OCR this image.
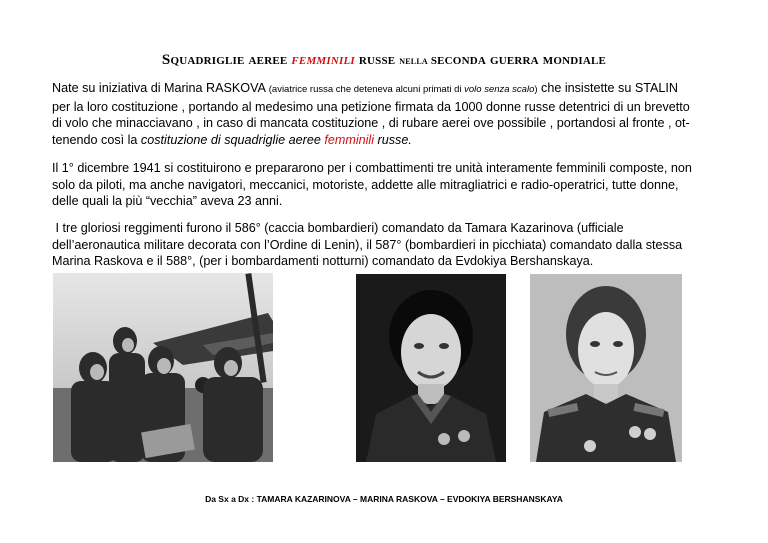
Squadriglie aeree femminili russe nella seconda guerra mondiale
Nate su iniziativa di Marina RASKOVA (aviatrice russa che deteneva alcuni primati di volo senza scalo) che insistette su STALIN
per la loro costituzione , portando al medesimo una petizione firmata da 1000 donne russe detentrici di un brevetto
di volo che minacciavano , in caso di mancata costituzione , di rubare aerei ove possibile , portandosi al fronte , ot-
tenendo così la costituzione di squadriglie aeree femminili russe.
Il 1° dicembre 1941 si costituirono e prepararono per i combattimenti tre unità interamente femminili composte, non
solo da piloti, ma anche navigatori, meccanici, motoriste, addette alle mitragliatrici e radio-operatrici, tutte donne,
delle quali la più “vecchia” aveva 23 anni.
I tre gloriosi reggimenti furono il 586° (caccia bombardieri) comandato da Tamara Kazarinova (ufficiale
dell’aeronautica militare decorata con l’Ordine di Lenin), il 587° (bombardieri in picchiata) comandato dalla stessa
Marina Raskova e il 588°, (per i bombardamenti notturni) comandato da Evdokiya Bershanskaya.
Da Sx a Dx : TAMARA KAZARINOVA – MARINA RASKOVA – EVDOKIYA BERSHANSKAYA
